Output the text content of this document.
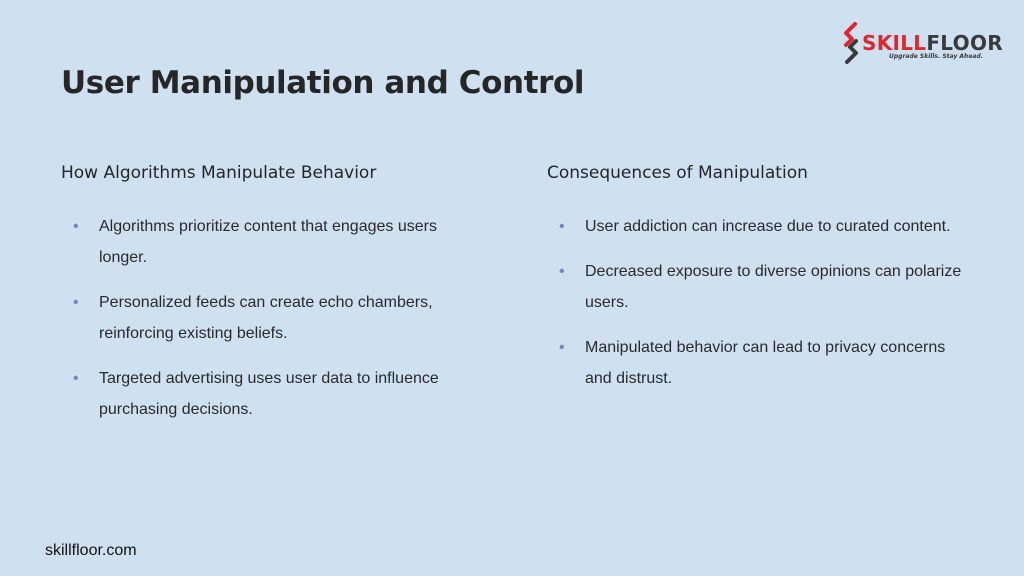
SKILLFLOOR
Upgrade Skills. Stay Ahead.
User Manipulation and Control
How Algorithms Manipulate Behavior
• Algorithms prioritize content that engages users longer.
• Personalized feeds can create echo chambers, reinforcing existing beliefs.
• Targeted advertising uses user data to influence purchasing decisions.
Consequences of Manipulation
• User addiction can increase due to curated content.
• Decreased exposure to diverse opinions can polarize users.
• Manipulated behavior can lead to privacy concerns and distrust.
skillfloor.com
